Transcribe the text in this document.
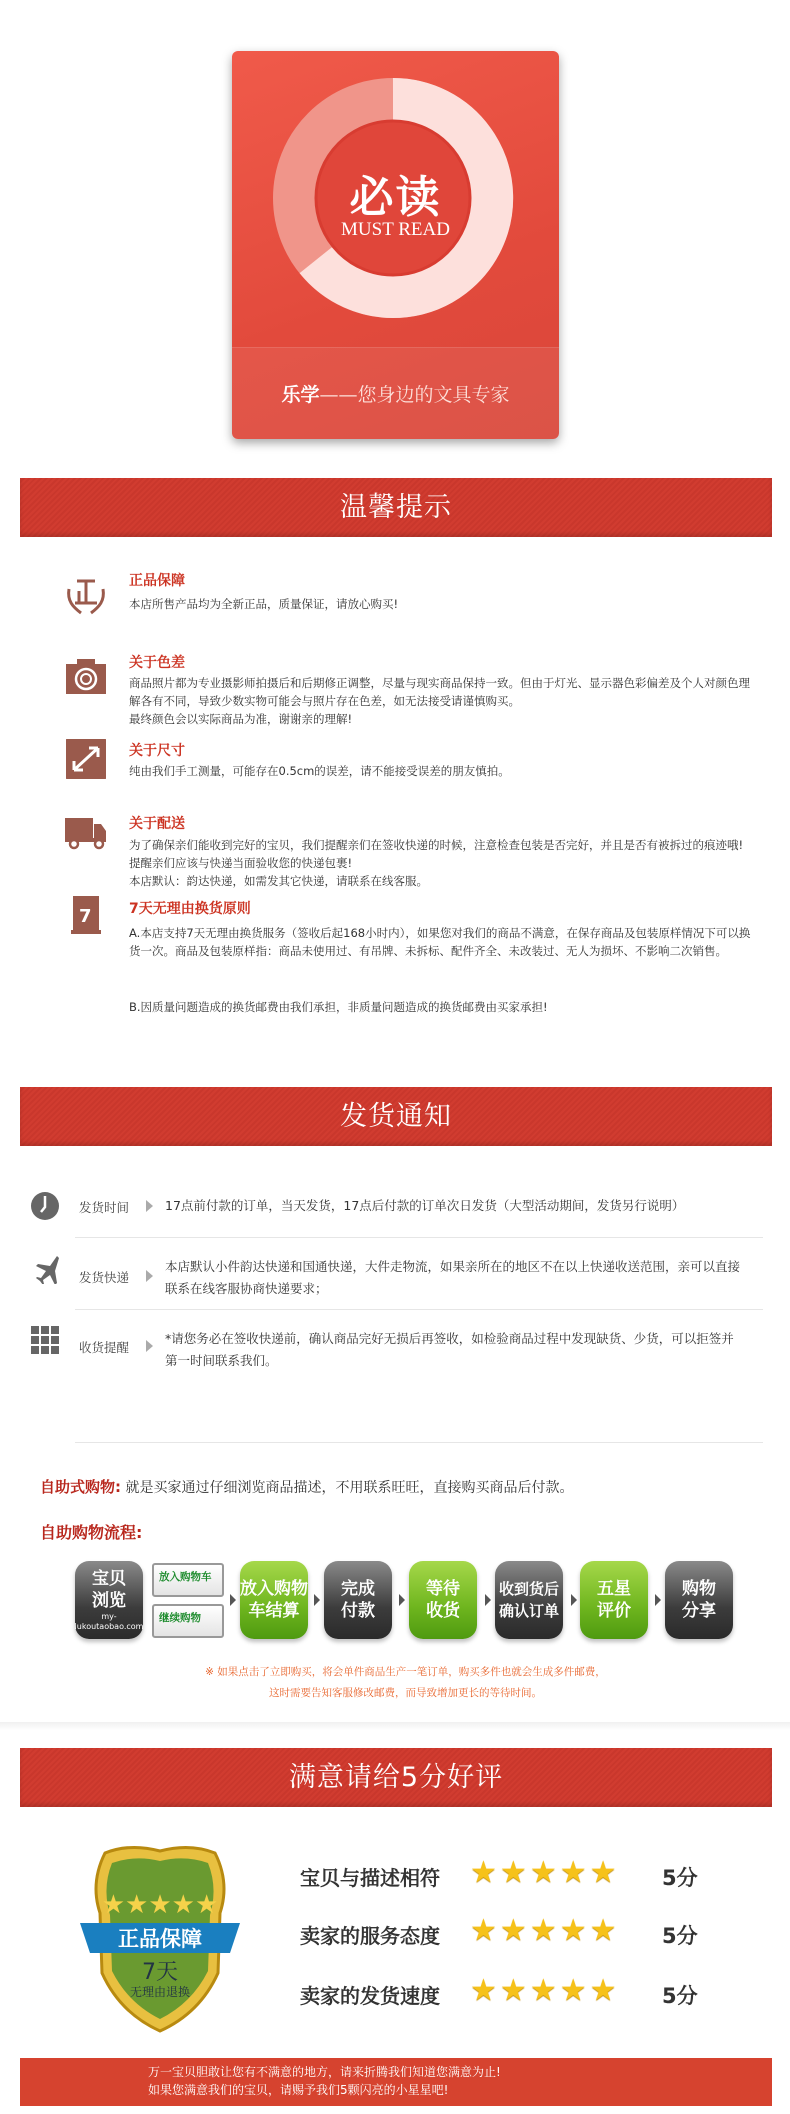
必读
MUST READ
乐学——您身边的文具专家
温馨提示
正品保障
本店所售产品均为全新正品，质量保证，请放心购买!
关于色差
商品照片都为专业摄影师拍摄后和后期修正调整，尽量与现实商品保持一致。但由于灯光、显示器色彩偏差及个人对颜色理解各有不同，导致少数实物可能会与照片存在色差，如无法接受请谨慎购买。
最终颜色会以实际商品为准，谢谢亲的理解!
关于尺寸
纯由我们手工测量，可能存在0.5cm的误差，请不能接受误差的朋友慎拍。
关于配送
为了确保亲们能收到完好的宝贝，我们提醒亲们在签收快递的时候，注意检查包装是否完好，并且是否有被拆过的痕迹哦! 提醒亲们应该与快递当面验收您的快递包裹!
本店默认：韵达快递，如需发其它快递，请联系在线客服。
7	7天无理由换货原则
A.本店支持7天无理由换货服务（签收后起168小时内），如果您对我们的商品不满意，在保存商品及包装原样情况下可以换货一次。商品及包装原样指：商品未使用过、有吊牌、未拆标、配件齐全、未改装过、无人为损坏、不影响二次销售。
B.因质量问题造成的换货邮费由我们承担，非质量问题造成的换货邮费由买家承担!
发货通知
发货时间	17点前付款的订单，当天发货，17点后付款的订单次日发货（大型活动期间，发货另行说明）
发货快递
本店默认小件韵达快递和国通快递，大件走物流，如果亲所在的地区不在以上快递收送范围，亲可以直接联系在线客服协商快递要求；
收货提醒
*请您务必在签收快递前，确认商品完好无损后再签收，如检验商品过程中发现缺货、少货，可以拒签并第一时间联系我们。
自助式购物: 就是买家通过仔细浏览商品描述，不用联系旺旺，直接购买商品后付款。
自助购物流程:
宝贝浏览
my-lukoutaobao.com
放入购物车
继续购物
放入购物车结算
完成付款
等待收货
收到货后确认订单
五星评价
购物分享
※ 如果点击了立即购买，将会单件商品生产一笔订单，购买多件也就会生成多件邮费，
这时需要告知客服修改邮费，而导致增加更长的等待时间。
满意请给5分好评
★★★★★
正品保障
7天
无理由退换
宝贝与描述相符 ★★★★★ 5分
卖家的服务态度 ★★★★★ 5分
卖家的发货速度 ★★★★★ 5分
万一宝贝胆敢让您有不满意的地方，请来折腾我们知道您满意为止!
如果您满意我们的宝贝，请赐予我们5颗闪亮的小星星吧!
